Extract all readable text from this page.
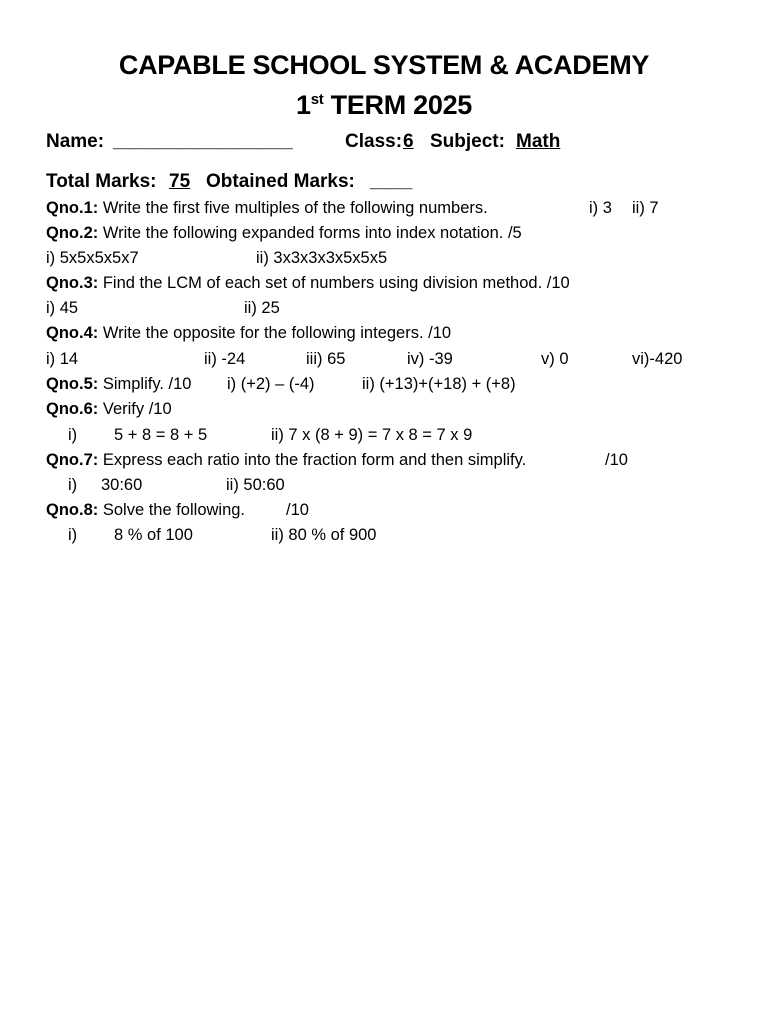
CAPABLE SCHOOL SYSTEM & ACADEMY
1st TERM 2025
Name: _________________	Class: 6 Subject: Math
Total Marks: 75 Obtained Marks: ____
Qno.1: Write the first five multiples of the following numbers.	i) 3 ii) 7
Qno.2: Write the following expanded forms into index notation. /5
i) 5x5x5x5x7	ii) 3x3x3x3x5x5x5
Qno.3: Find the LCM of each set of numbers using division method. /10
i) 45	ii) 25
Qno.4: Write the opposite for the following integers. /10
i) 14	ii) -24	iii) 65	iv) -39	v) 0	vi)-420
Qno.5: Simplify. /10 i) (+2) – (-4)	ii) (+13)+(+18) + (+8)
Qno.6: Verify /10
i) 5 + 8 = 8 + 5	ii) 7 x (8 + 9) = 7 x 8 = 7 x 9
Qno.7: Express each ratio into the fraction form and then simplify.	/10
i) 30:60	ii) 50:60
Qno.8: Solve the following. /10
i) 8 % of 100	ii) 80 % of 900
